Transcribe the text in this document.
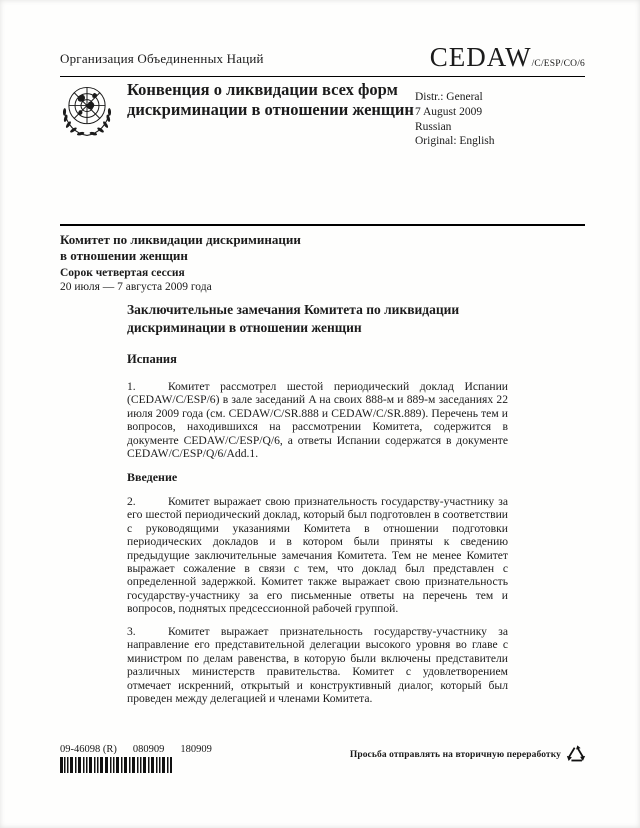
Организация Объединенных Наций	CEDAW /C/ESP/CO/6
Конвенция о ликвидации всех форм дискриминации в отношении женщин
Distr.: General
7 August 2009
Russian
Original: English
Комитет по ликвидации дискриминации
в отношении женщин
Сорок четвертая сессия
20 июля — 7 августа 2009 года
Заключительные замечания Комитета по ликвидации дискриминации в отношении женщин
Испания

1.	Комитет рассмотрел шестой периодический доклад Испании (CEDAW/C/ESP/6) в зале заседаний A на своих 888-м и 889-м заседаниях 22 июля 2009 года (см. CEDAW/C/SR.888 и CEDAW/C/SR.889). Перечень тем и вопросов, находившихся на рассмотрении Комитета, содержится в документе CEDAW/C/ESP/Q/6, а ответы Испании содержатся в документе CEDAW/C/ESP/Q/6/Add.1.

Введение

2.	Комитет выражает свою признательность государству-участнику за его шестой периодический доклад, который был подготовлен в соответствии с руководящими указаниями Комитета в отношении подготовки периодических докладов и в котором были приняты к сведению предыдущие заключительные замечания Комитета. Тем не менее Комитет выражает сожаление в связи с тем, что доклад был представлен с определенной задержкой. Комитет также выражает свою признательность государству-участнику за его письменные ответы на перечень тем и вопросов, поднятых предсессионной рабочей группой.

3.	Комитет выражает признательность государству-участнику за направление его представительной делегации высокого уровня во главе с министром по делам равенства, в которую были включены представители различных министерств правительства. Комитет с удовлетворением отмечает искренний, открытый и конструктивный диалог, который был проведен между делегацией и членами Комитета.

09-46098 (R) 080909 180909	Просьба отправлять на вторичную переработку
